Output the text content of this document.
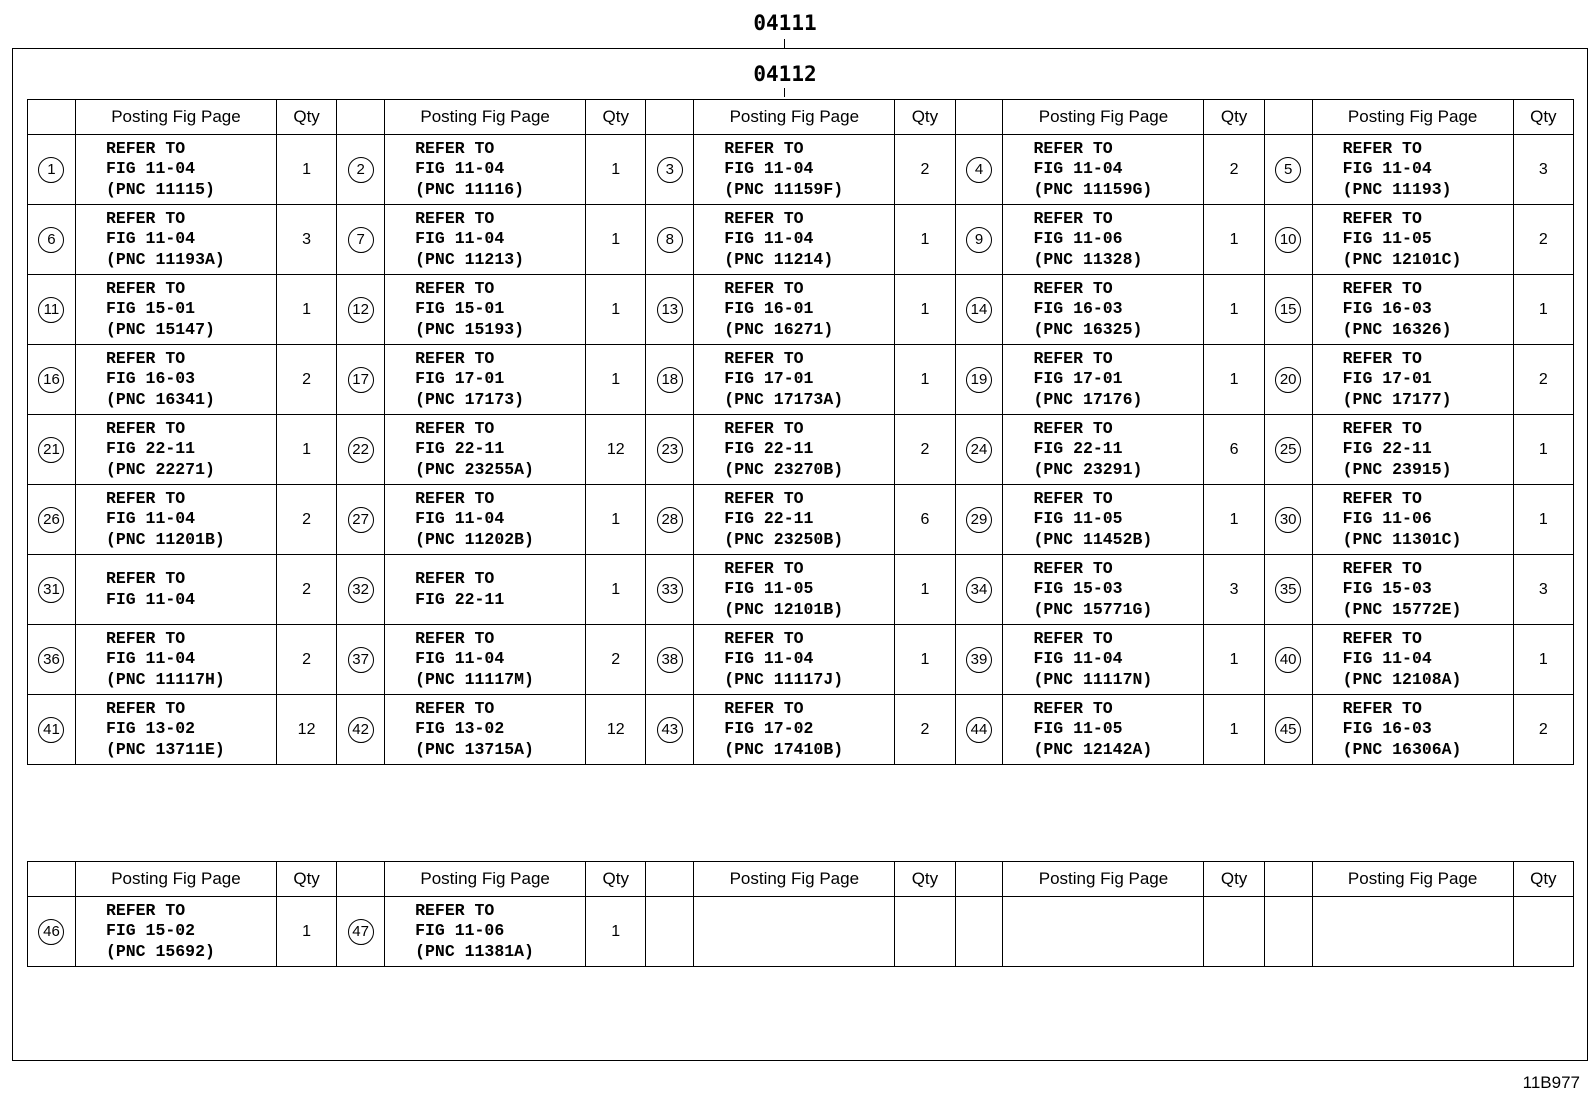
04111
04112
	Posting Fig Page	Qty		Posting Fig Page	Qty		Posting Fig Page	Qty		Posting Fig Page	Qty		Posting Fig Page	Qty
1	REFER TO
FIG 11-04
(PNC 11115)	1	2	REFER TO
FIG 11-04
(PNC 11116)	1	3	REFER TO
FIG 11-04
(PNC 11159F)	2	4	REFER TO
FIG 11-04
(PNC 11159G)	2	5	REFER TO
FIG 11-04
(PNC 11193)	3
6	REFER TO
FIG 11-04
(PNC 11193A)	3	7	REFER TO
FIG 11-04
(PNC 11213)	1	8	REFER TO
FIG 11-04
(PNC 11214)	1	9	REFER TO
FIG 11-06
(PNC 11328)	1	10	REFER TO
FIG 11-05
(PNC 12101C)	2
11	REFER TO
FIG 15-01
(PNC 15147)	1	12	REFER TO
FIG 15-01
(PNC 15193)	1	13	REFER TO
FIG 16-01
(PNC 16271)	1	14	REFER TO
FIG 16-03
(PNC 16325)	1	15	REFER TO
FIG 16-03
(PNC 16326)	1
16	REFER TO
FIG 16-03
(PNC 16341)	2	17	REFER TO
FIG 17-01
(PNC 17173)	1	18	REFER TO
FIG 17-01
(PNC 17173A)	1	19	REFER TO
FIG 17-01
(PNC 17176)	1	20	REFER TO
FIG 17-01
(PNC 17177)	2
21	REFER TO
FIG 22-11
(PNC 22271)	1	22	REFER TO
FIG 22-11
(PNC 23255A)	12	23	REFER TO
FIG 22-11
(PNC 23270B)	2	24	REFER TO
FIG 22-11
(PNC 23291)	6	25	REFER TO
FIG 22-11
(PNC 23915)	1
26	REFER TO
FIG 11-04
(PNC 11201B)	2	27	REFER TO
FIG 11-04
(PNC 11202B)	1	28	REFER TO
FIG 22-11
(PNC 23250B)	6	29	REFER TO
FIG 11-05
(PNC 11452B)	1	30	REFER TO
FIG 11-06
(PNC 11301C)	1
31	REFER TO
FIG 11-04	2	32	REFER TO
FIG 22-11	1	33	REFER TO
FIG 11-05
(PNC 12101B)	1	34	REFER TO
FIG 15-03
(PNC 15771G)	3	35	REFER TO
FIG 15-03
(PNC 15772E)	3
36	REFER TO
FIG 11-04
(PNC 11117H)	2	37	REFER TO
FIG 11-04
(PNC 11117M)	2	38	REFER TO
FIG 11-04
(PNC 11117J)	1	39	REFER TO
FIG 11-04
(PNC 11117N)	1	40	REFER TO
FIG 11-04
(PNC 12108A)	1
41	REFER TO
FIG 13-02
(PNC 13711E)	12	42	REFER TO
FIG 13-02
(PNC 13715A)	12	43	REFER TO
FIG 17-02
(PNC 17410B)	2	44	REFER TO
FIG 11-05
(PNC 12142A)	1	45	REFER TO
FIG 16-03
(PNC 16306A)	2
	Posting Fig Page	Qty		Posting Fig Page	Qty		Posting Fig Page	Qty		Posting Fig Page	Qty		Posting Fig Page	Qty
46	REFER TO
FIG 15-02
(PNC 15692)	1	47	REFER TO
FIG 11-06
(PNC 11381A)	1									
11B977
